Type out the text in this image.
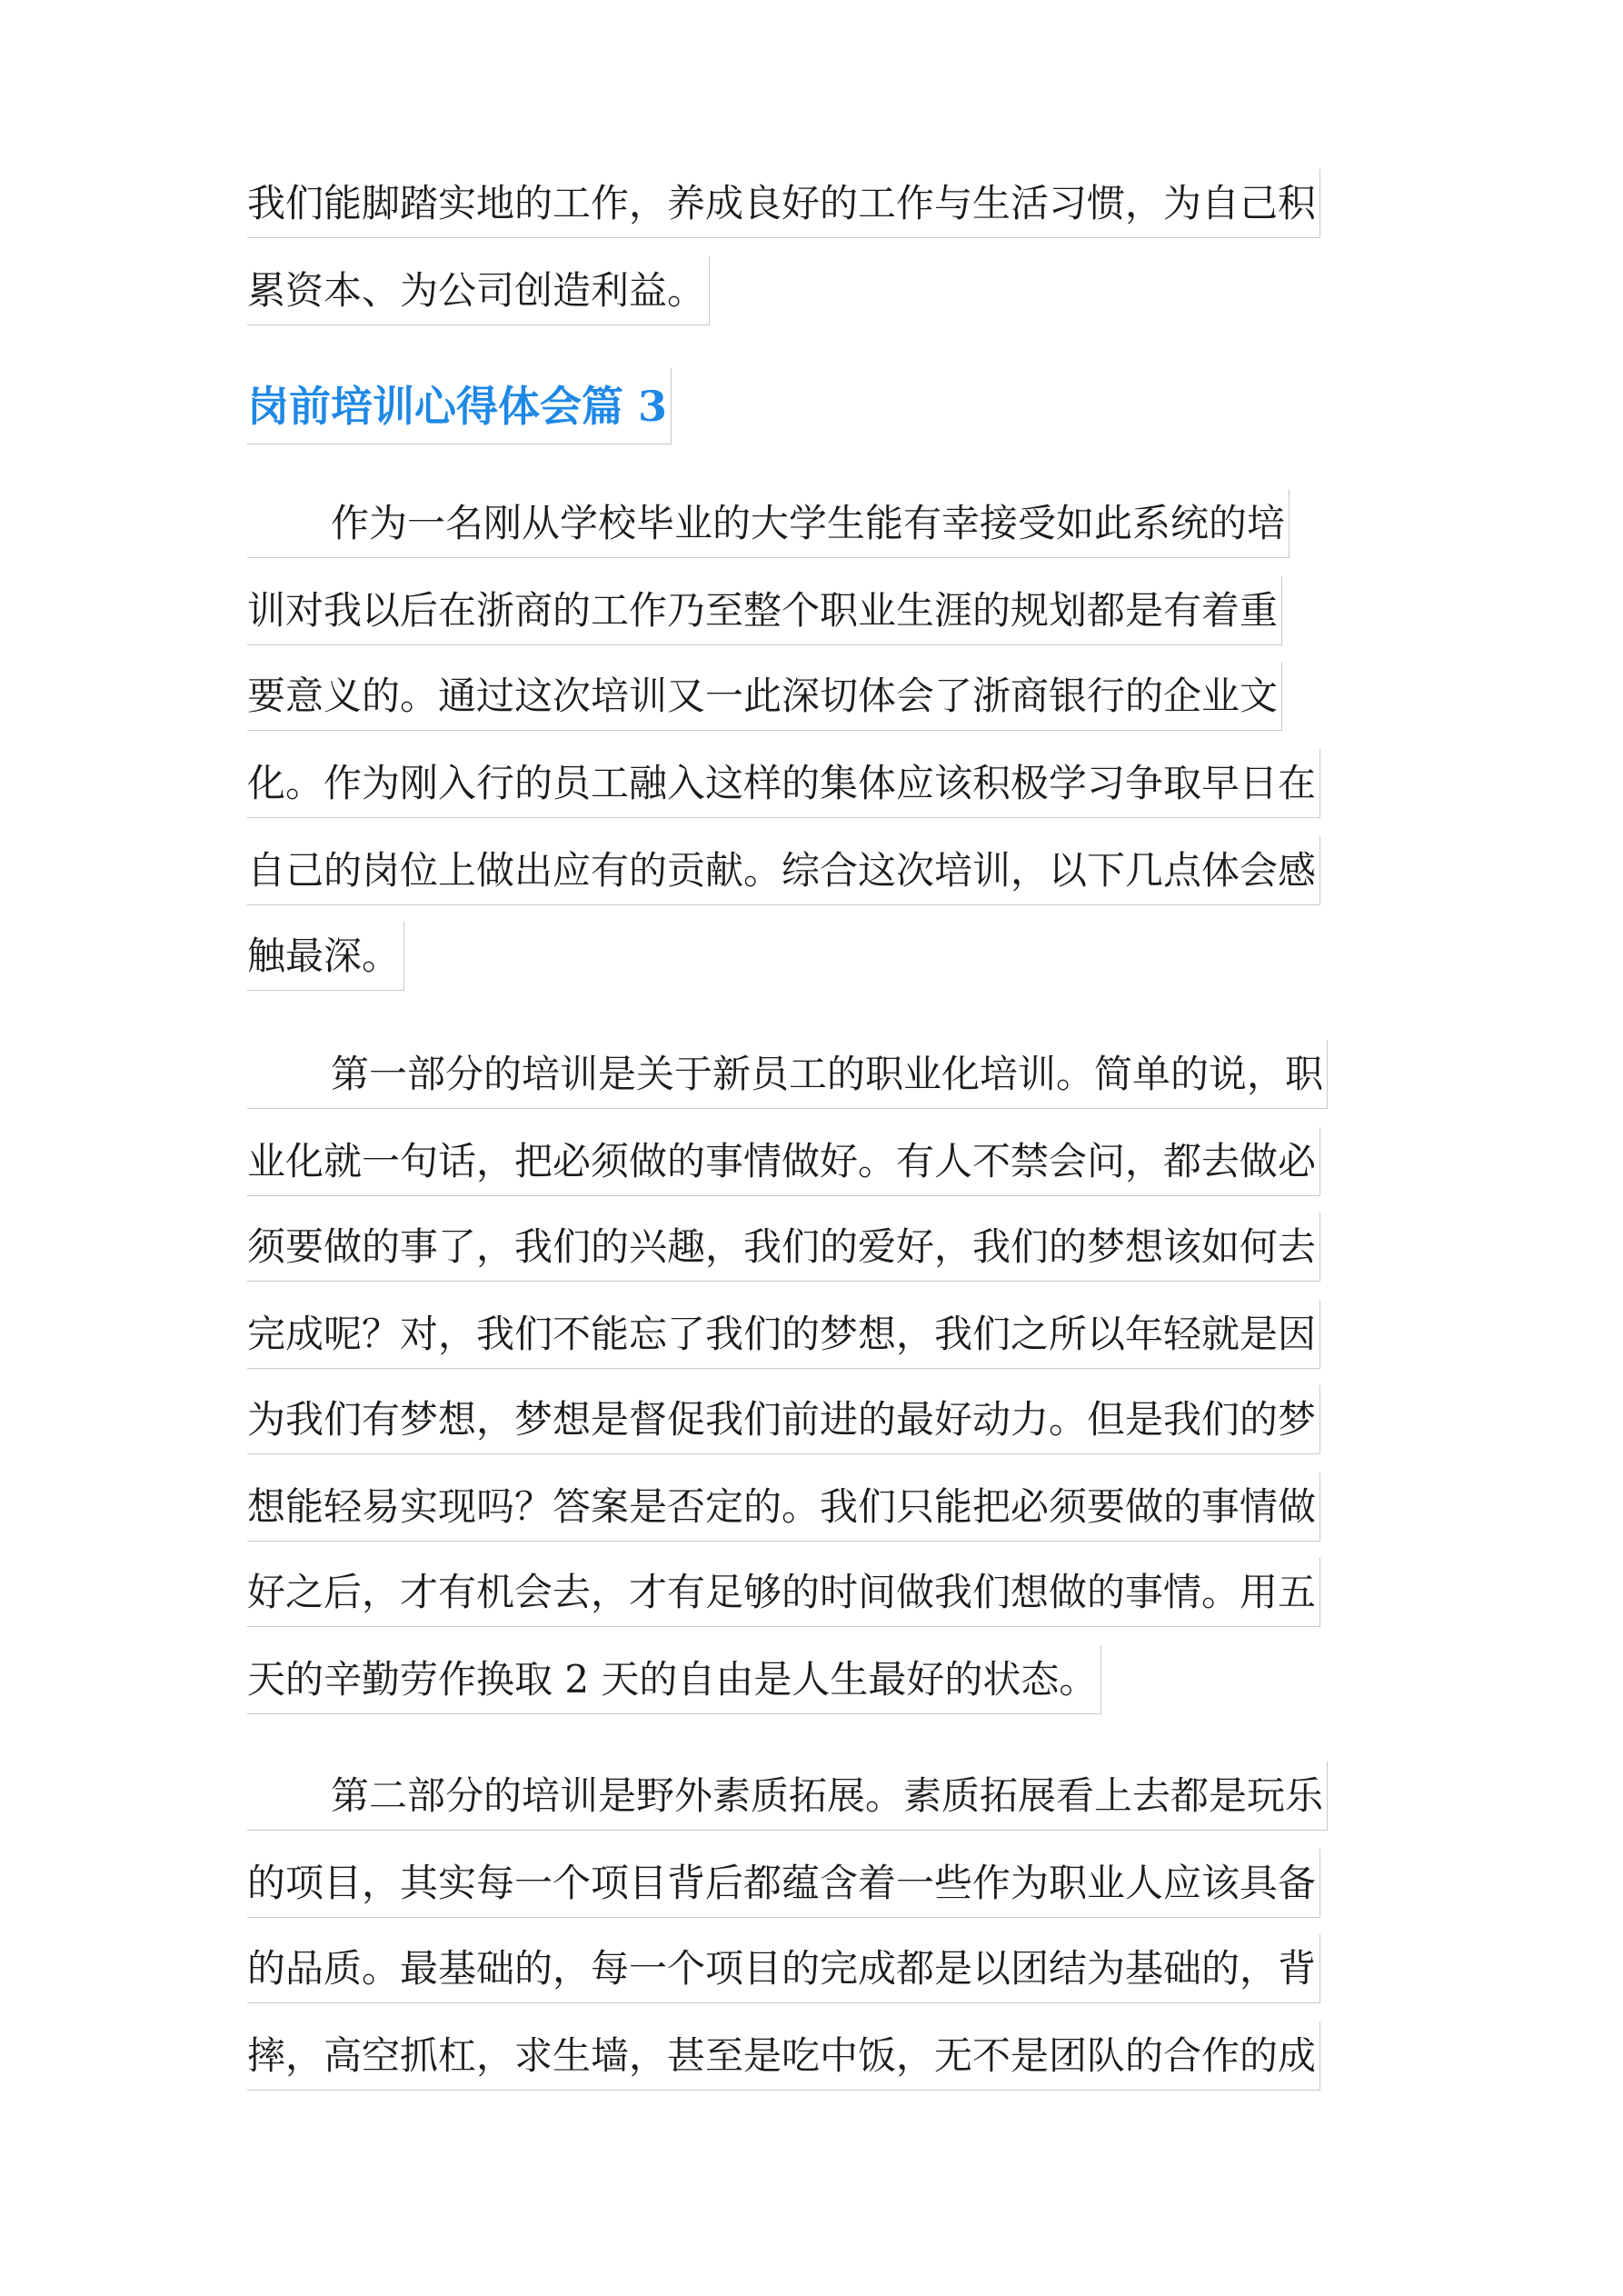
我们能脚踏实地的工作，养成良好的工作与生活习惯，为自己积
累资本、为公司创造利益。
岗前培训心得体会篇 3
作为一名刚从学校毕业的大学生能有幸接受如此系统的培
训对我以后在浙商的工作乃至整个职业生涯的规划都是有着重
要意义的。通过这次培训又一此深切体会了浙商银行的企业文
化。作为刚入行的员工融入这样的集体应该积极学习争取早日在
自己的岗位上做出应有的贡献。综合这次培训，以下几点体会感
触最深。
第一部分的培训是关于新员工的职业化培训。简单的说，职
业化就一句话，把必须做的事情做好。有人不禁会问，都去做必
须要做的事了，我们的兴趣，我们的爱好，我们的梦想该如何去
完成呢？对，我们不能忘了我们的梦想，我们之所以年轻就是因
为我们有梦想，梦想是督促我们前进的最好动力。但是我们的梦
想能轻易实现吗？答案是否定的。我们只能把必须要做的事情做
好之后，才有机会去，才有足够的时间做我们想做的事情。用五
天的辛勤劳作换取 2 天的自由是人生最好的状态。
第二部分的培训是野外素质拓展。素质拓展看上去都是玩乐
的项目，其实每一个项目背后都蕴含着一些作为职业人应该具备
的品质。最基础的，每一个项目的完成都是以团结为基础的，背
摔，高空抓杠，求生墙，甚至是吃中饭，无不是团队的合作的成
